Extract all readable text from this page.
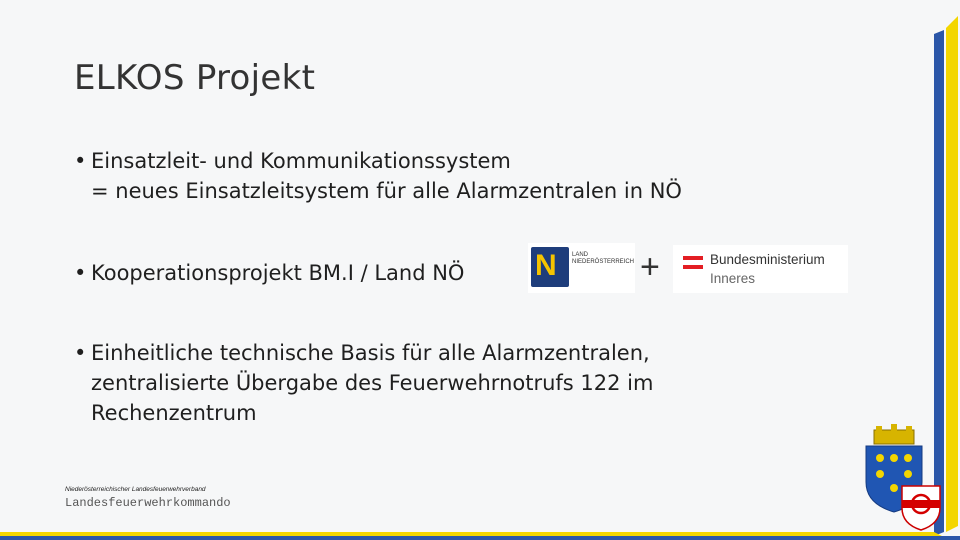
ELKOS Projekt
• Einsatzleit- und Kommunikationssystem
= neues Einsatzleitsystem für alle Alarmzentralen in NÖ
• Kooperationsprojekt BM.I / Land NÖ N	LAND
NIEDERÖSTERREICH +	Bundesministerium
Inneres
• Einheitliche technische Basis für alle Alarmzentralen,
zentralisierte Übergabe des Feuerwehrnotrufs 122 im
Rechenzentrum
Niederösterreichischer Landesfeuerwehrverband
Landesfeuerwehrkommando
